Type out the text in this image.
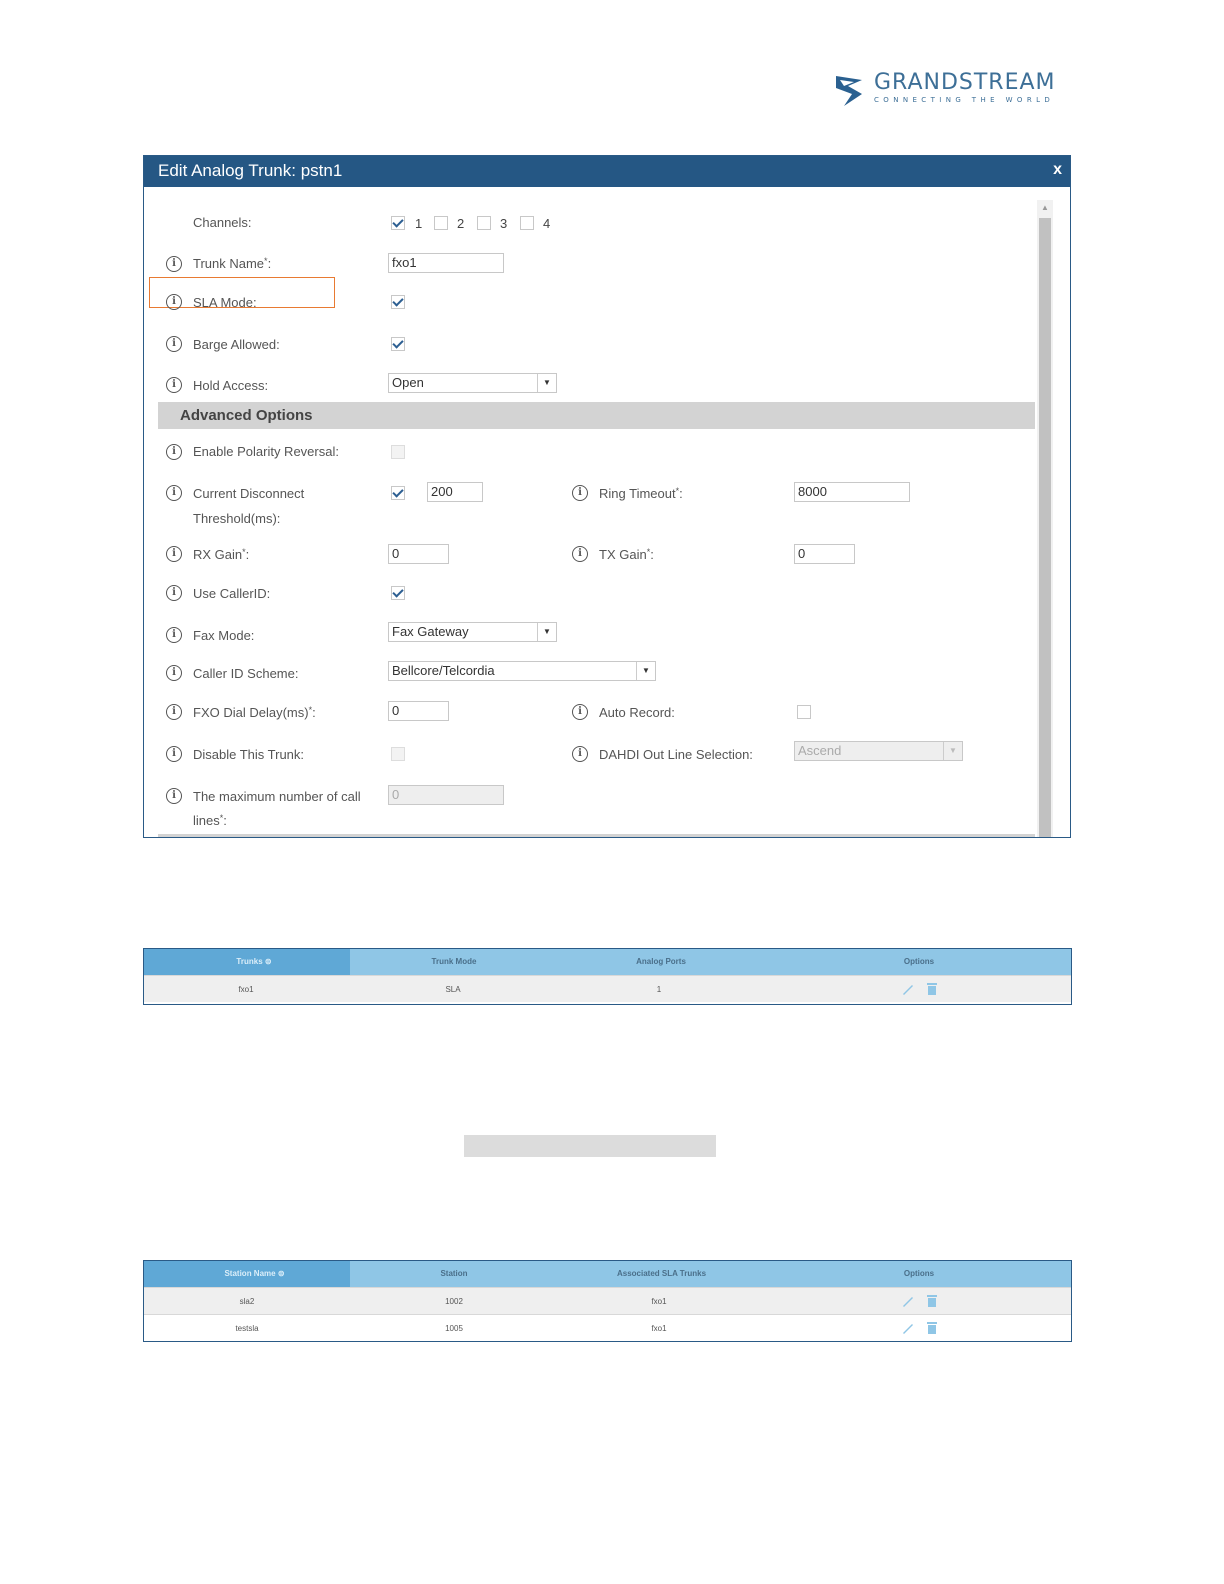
GRANDSTREAM
CONNECTING THE WORLD
Edit Analog Trunk: pstn1	x
▲
Channels:	1	2	3	4
i	Trunk Name*:	fxo1
i	SLA Mode:
i	Barge Allowed:
i	Hold Access:	Open	▼
Advanced Options
i	Enable Polarity Reversal:
i	Current Disconnect
Threshold(ms):
200	i	Ring Timeout*:	8000
i	RX Gain*:	0	i	TX Gain*:	0
i	Use CallerID:
i	Fax Mode:	Fax Gateway	▼
i	Caller ID Scheme:	Bellcore/Telcordia	▼
i	FXO Dial Delay(ms)*:	0	i	Auto Record:
i	Disable This Trunk:	i	DAHDI Out Line Selection:	Ascend	▼
i	The maximum number of call
lines*:
0
Trunks ⊜	Trunk Mode	Analog Ports	Options
fxo1	SLA	1
Station Name ⊜	Station	Associated SLA Trunks	Options
sla2	1002	fxo1
testsla	1005	fxo1
